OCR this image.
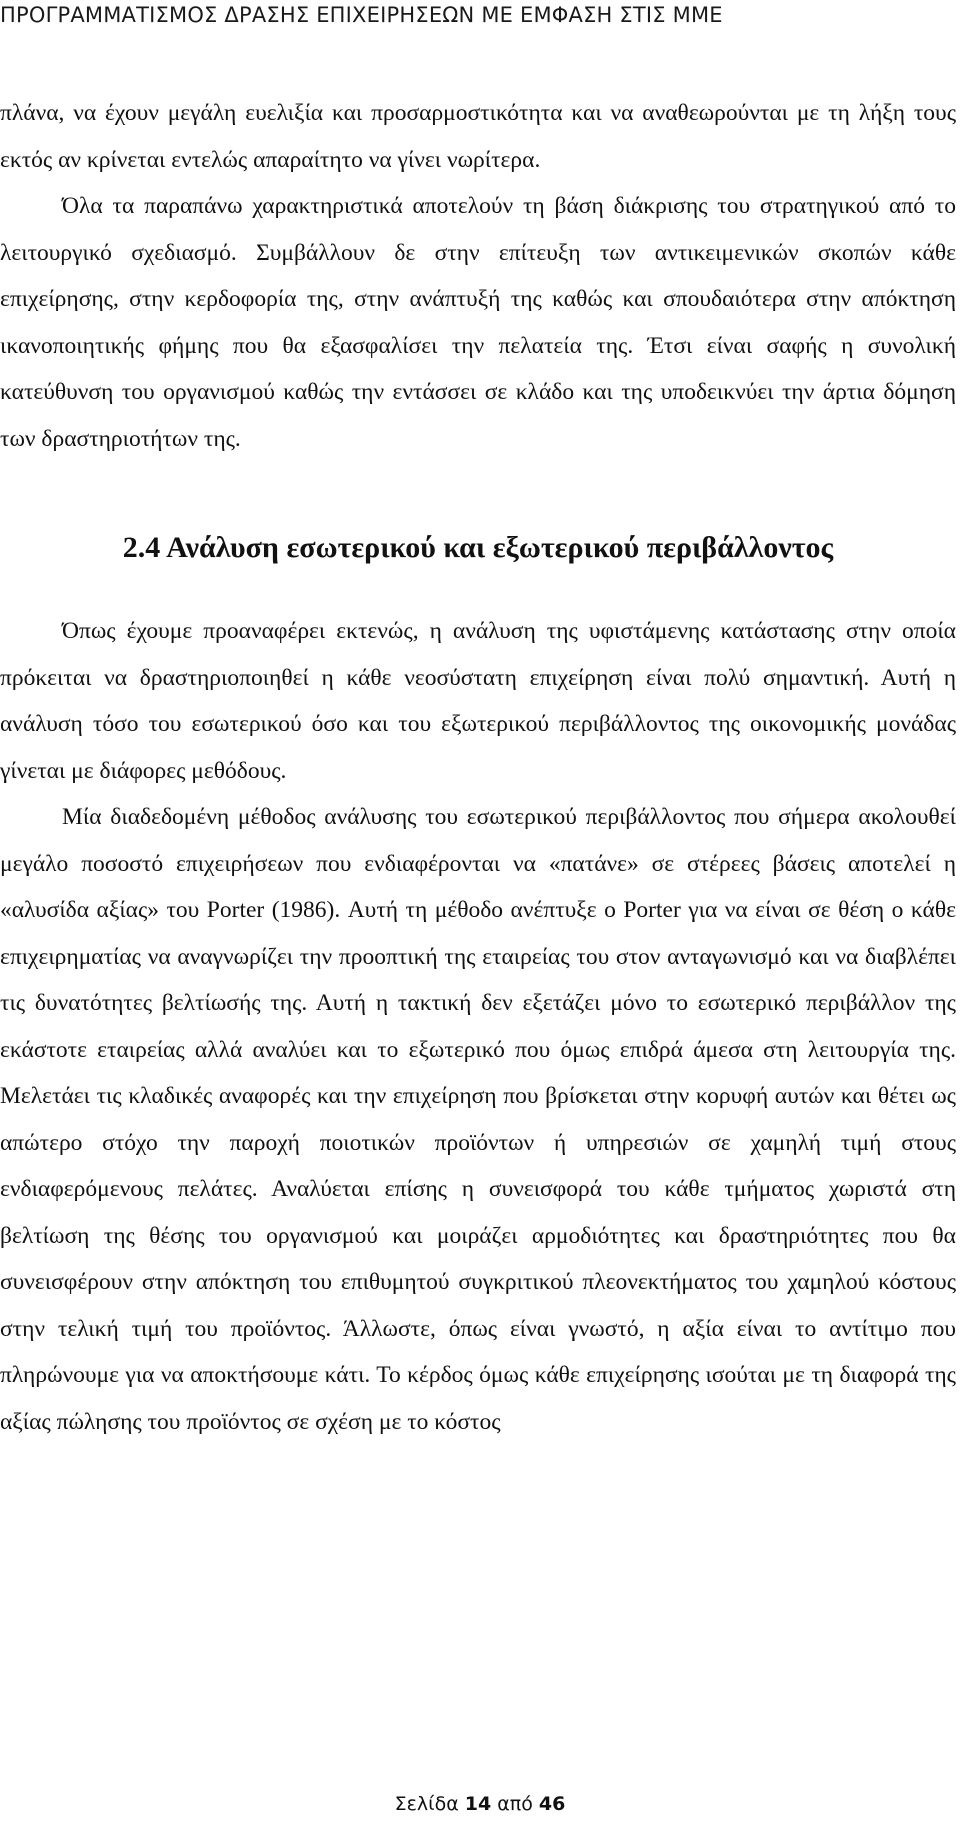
ΠΡΟΓΡΑΜΜΑΤΙΣΜΟΣ ΔΡΑΣΗΣ ΕΠΙΧΕΙΡΗΣΕΩΝ ΜΕ ΕΜΦΑΣΗ ΣΤΙΣ ΜΜΕ

πλάνα, να έχουν μεγάλη ευελιξία και προσαρμοστικότητα και να αναθεωρούνται με τη λήξη τους εκτός αν κρίνεται εντελώς απαραίτητο να γίνει νωρίτερα.

Όλα τα παραπάνω χαρακτηριστικά αποτελούν τη βάση διάκρισης του στρατηγικού από το λειτουργικό σχεδιασμό. Συμβάλλουν δε στην επίτευξη των αντικειμενικών σκοπών κάθε επιχείρησης, στην κερδοφορία της, στην ανάπτυξή της καθώς και σπουδαιότερα στην απόκτηση ικανοποιητικής φήμης που θα εξασφαλίσει την πελατεία της. Έτσι είναι σαφής η συνολική κατεύθυνση του οργανισμού καθώς την εντάσσει σε κλάδο και της υποδεικνύει την άρτια δόμηση των δραστηριοτήτων της.

2.4 Ανάλυση εσωτερικού και εξωτερικού περιβάλλοντος

Όπως έχουμε προαναφέρει εκτενώς, η ανάλυση της υφιστάμενης κατάστασης στην οποία πρόκειται να δραστηριοποιηθεί η κάθε νεοσύστατη επιχείρηση είναι πολύ σημαντική. Αυτή η ανάλυση τόσο του εσωτερικού όσο και του εξωτερικού περιβάλλοντος της οικονομικής μονάδας γίνεται με διάφορες μεθόδους.

Μία διαδεδομένη μέθοδος ανάλυσης του εσωτερικού περιβάλλοντος που σήμερα ακολουθεί μεγάλο ποσοστό επιχειρήσεων που ενδιαφέρονται να «πατάνε» σε στέρεες βάσεις αποτελεί η «αλυσίδα αξίας» του Porter (1986). Αυτή τη μέθοδο ανέπτυξε ο Porter για να είναι σε θέση ο κάθε επιχειρηματίας να αναγνωρίζει την προοπτική της εταιρείας του στον ανταγωνισμό και να διαβλέπει τις δυνατότητες βελτίωσής της. Αυτή η τακτική δεν εξετάζει μόνο το εσωτερικό περιβάλλον της εκάστοτε εταιρείας αλλά αναλύει και το εξωτερικό που όμως επιδρά άμεσα στη λειτουργία της. Μελετάει τις κλαδικές αναφορές και την επιχείρηση που βρίσκεται στην κορυφή αυτών και θέτει ως απώτερο στόχο την παροχή ποιοτικών προϊόντων ή υπηρεσιών σε χαμηλή τιμή στους ενδιαφερόμενους πελάτες. Αναλύεται επίσης η συνεισφορά του κάθε τμήματος χωριστά στη βελτίωση της θέσης του οργανισμού και μοιράζει αρμοδιότητες και δραστηριότητες που θα συνεισφέρουν στην απόκτηση του επιθυμητού συγκριτικού πλεονεκτήματος του χαμηλού κόστους στην τελική τιμή του προϊόντος. Άλλωστε, όπως είναι γνωστό, η αξία είναι το αντίτιμο που πληρώνουμε για να αποκτήσουμε κάτι. Το κέρδος όμως κάθε επιχείρησης ισούται με τη διαφορά της αξίας πώλησης του προϊόντος σε σχέση με το κόστος

Σελίδα 14 από 46
